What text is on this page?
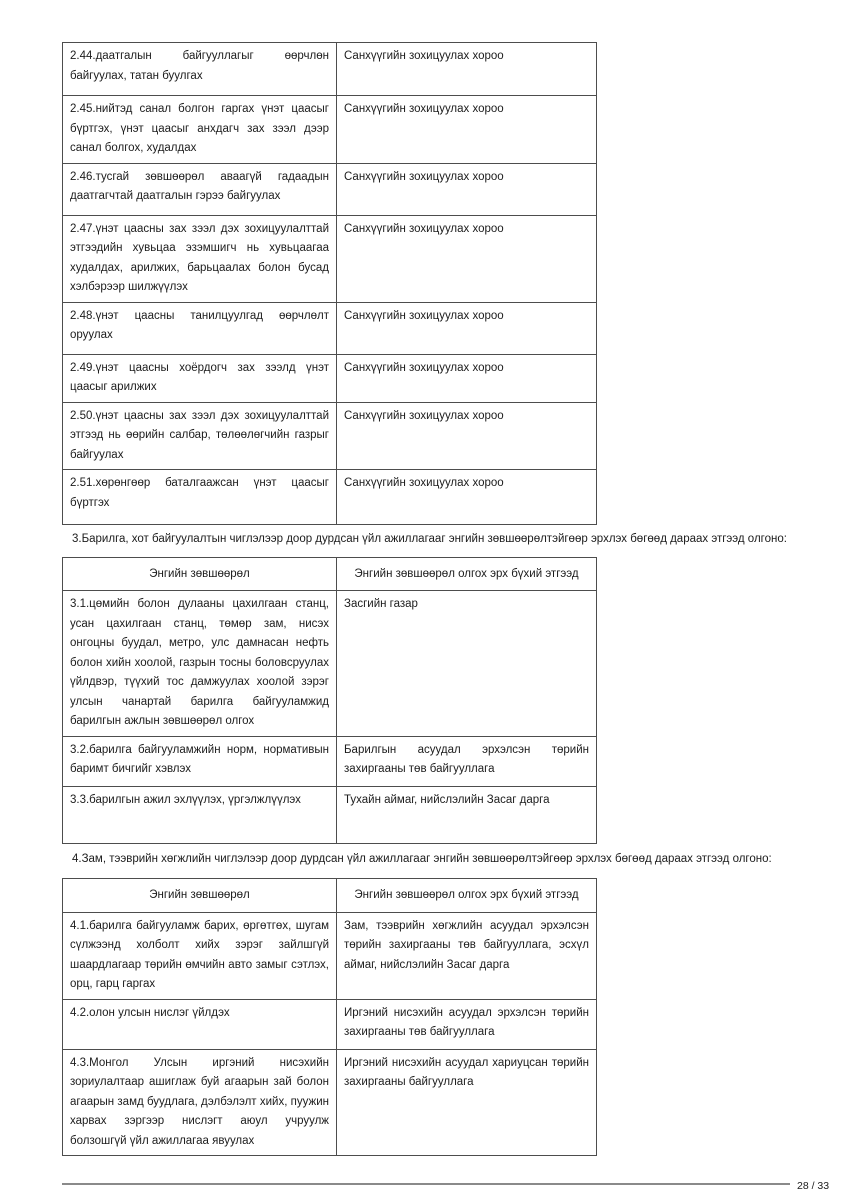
2.44.даатгалын байгууллагыг өөрчлөн байгуулах, татан буулгах	Санхүүгийн зохицуулах хороо
2.45.нийтэд санал болгон гаргах үнэт цаасыг бүртгэх, үнэт цаасыг анхдагч зах зээл дээр санал болгох, худалдах	Санхүүгийн зохицуулах хороо
2.46.тусгай зөвшөөрөл аваагүй гадаадын даатгагчтай даатгалын гэрээ байгуулах	Санхүүгийн зохицуулах хороо
2.47.үнэт цаасны зах зээл дэх зохицуулалттай этгээдийн хувьцаа эзэмшигч нь хувьцаагаа худалдах, арилжих, барьцаалах болон бусад хэлбэрээр шилжүүлэх	Санхүүгийн зохицуулах хороо
2.48.үнэт цаасны танилцуулгад өөрчлөлт оруулах	Санхүүгийн зохицуулах хороо
2.49.үнэт цаасны хоёрдогч зах зээлд үнэт цаасыг арилжих	Санхүүгийн зохицуулах хороо
2.50.үнэт цаасны зах зээл дэх зохицуулалттай этгээд нь өөрийн салбар, төлөөлөгчийн газрыг байгуулах	Санхүүгийн зохицуулах хороо
2.51.хөрөнгөөр баталгаажсан үнэт цаасыг бүртгэх	Санхүүгийн зохицуулах хороо

3.Барилга, хот байгуулалтын чиглэлээр доор дурдсан үйл ажиллагааг энгийн зөвшөөрөлтэйгөөр эрхлэх бөгөөд дараах этгээд олгоно:

Энгийн зөвшөөрөл	Энгийн зөвшөөрөл олгох эрх бүхий этгээд
3.1.цөмийн болон дулааны цахилгаан станц, усан цахилгаан станц, төмөр зам, нисэх онгоцны буудал, метро, улс дамнасан нефть болон хийн хоолой, газрын тосны боловсруулах үйлдвэр, түүхий тос дамжуулах хоолой зэрэг улсын чанартай барилга байгууламжид барилгын ажлын зөвшөөрөл олгох	Засгийн газар
3.2.барилга байгууламжийн норм, нормативын баримт бичгийг хэвлэх	Барилгын асуудал эрхэлсэн төрийн захиргааны төв байгууллага
3.3.барилгын ажил эхлүүлэх, үргэлжлүүлэх	Тухайн аймаг, нийслэлийн Засаг дарга

4.Зам, тээврийн хөгжлийн чиглэлээр доор дурдсан үйл ажиллагааг энгийн зөвшөөрөлтэйгөөр эрхлэх бөгөөд дараах этгээд олгоно:

Энгийн зөвшөөрөл	Энгийн зөвшөөрөл олгох эрх бүхий этгээд
4.1.барилга байгууламж барих, өргөтгөх, шугам сүлжээнд холболт хийх зэрэг зайлшгүй шаардлагаар төрийн өмчийн авто замыг сэтлэх, орц, гарц гаргах	Зам, тээврийн хөгжлийн асуудал эрхэлсэн төрийн захиргааны төв байгууллага, эсхүл аймаг, нийслэлийн Засаг дарга
4.2.олон улсын нислэг үйлдэх	Иргэний нисэхийн асуудал эрхэлсэн төрийн захиргааны төв байгууллага
4.3.Монгол Улсын иргэний нисэхийн зориулалтаар ашиглаж буй агаарын зай болон агаарын замд буудлага, дэлбэлэлт хийх, пуужин харвах зэргээр нислэгт аюул учруулж болзошгүй үйл ажиллагаа явуулах	Иргэний нисэхийн асуудал хариуцсан төрийн захиргааны байгууллага
28 / 33
